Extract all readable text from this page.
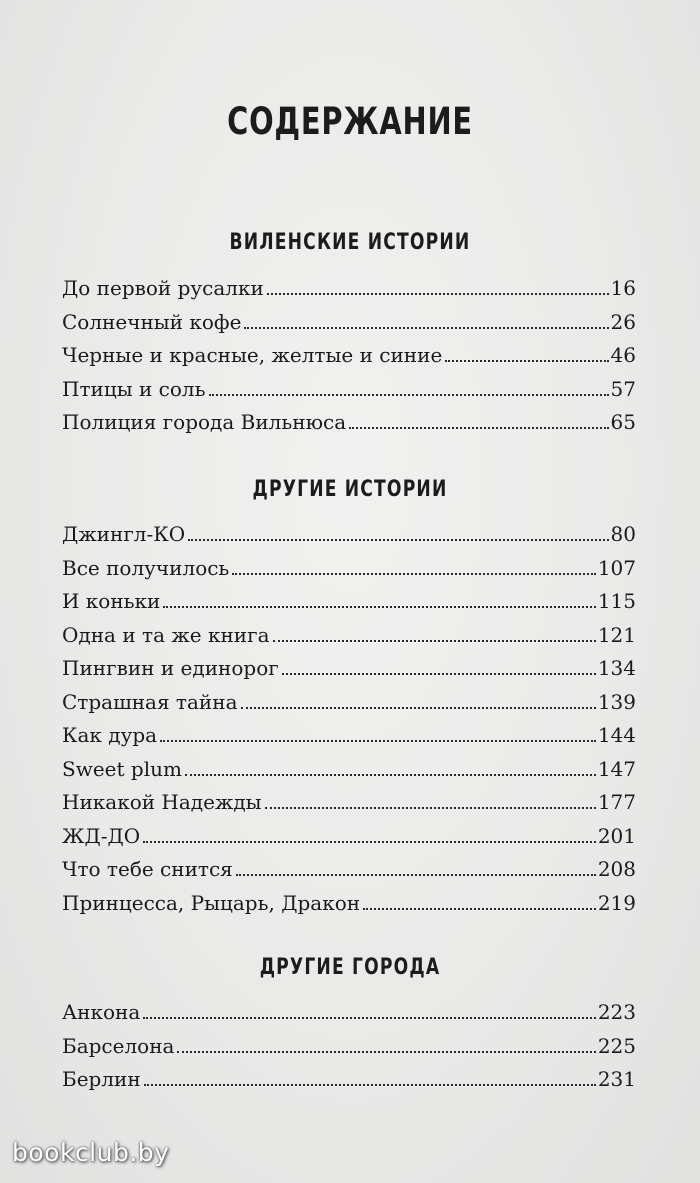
СОДЕРЖАНИЕ
ВИЛЕНСКИЕ ИСТОРИИ
До первой русалки	16
Солнечный кофе	26
Черные и красные, желтые и синие	46
Птицы и соль	57
Полиция города Вильнюса	65
ДРУГИЕ ИСТОРИИ
Джингл-КО	80
Все получилось	107
И коньки	115
Одна и та же книга	121
Пингвин и единорог	134
Страшная тайна	139
Как дура	144
Sweet plum	147
Никакой Надежды	177
ЖД-ДО	201
Что тебе снится	208
Принцесса, Рыцарь, Дракон	219
ДРУГИЕ ГОРОДА
Анкона	223
Барселона	225
Берлин	231
bookclub.by
